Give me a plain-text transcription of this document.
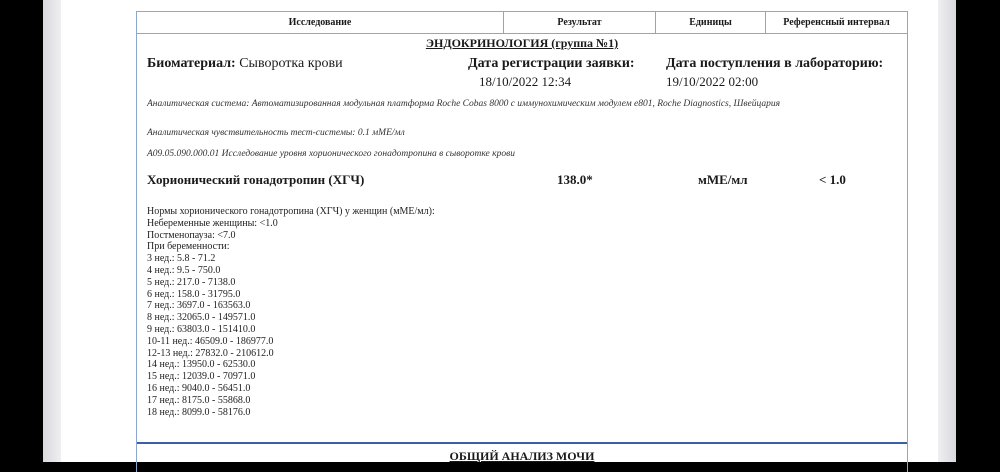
Исследование	Результат	Единицы	Референсный интервал
ЭНДОКРИНОЛОГИЯ (группа №1)
Биоматериал: Сыворотка крови	Дата регистрации заявки:
18/10/2022 12:34
Дата поступления в лабораторию:
19/10/2022 02:00
Аналитическая система: Автоматизированная модульная платформа Roche Cobas 8000 с иммунохимическим модулем e801, Roche Diagnostics, Швейцария
Аналитическая чувствительность тест-системы: 0.1 мМЕ/мл
A09.05.090.000.01 Исследование уровня хорионического гонадотропина в сыворотке крови
Хорионический гонадотропин (ХГЧ)	138.0*	мМЕ/мл	< 1.0
Нормы хорионического гонадотропина (ХГЧ) у женщин (мМЕ/мл):
Небеременные женщины: <1.0
Постменопауза: <7.0
При беременности:
3 нед.: 5.8 - 71.2
4 нед.: 9.5 - 750.0
5 нед.: 217.0 - 7138.0
6 нед.: 158.0 - 31795.0
7 нед.: 3697.0 - 163563.0
8 нед.: 32065.0 - 149571.0
9 нед.: 63803.0 - 151410.0
10-11 нед.: 46509.0 - 186977.0
12-13 нед.: 27832.0 - 210612.0
14 нед.: 13950.0 - 62530.0
15 нед.: 12039.0 - 70971.0
16 нед.: 9040.0 - 56451.0
17 нед.: 8175.0 - 55868.0
18 нед.: 8099.0 - 58176.0
ОБЩИЙ АНАЛИЗ МОЧИ
